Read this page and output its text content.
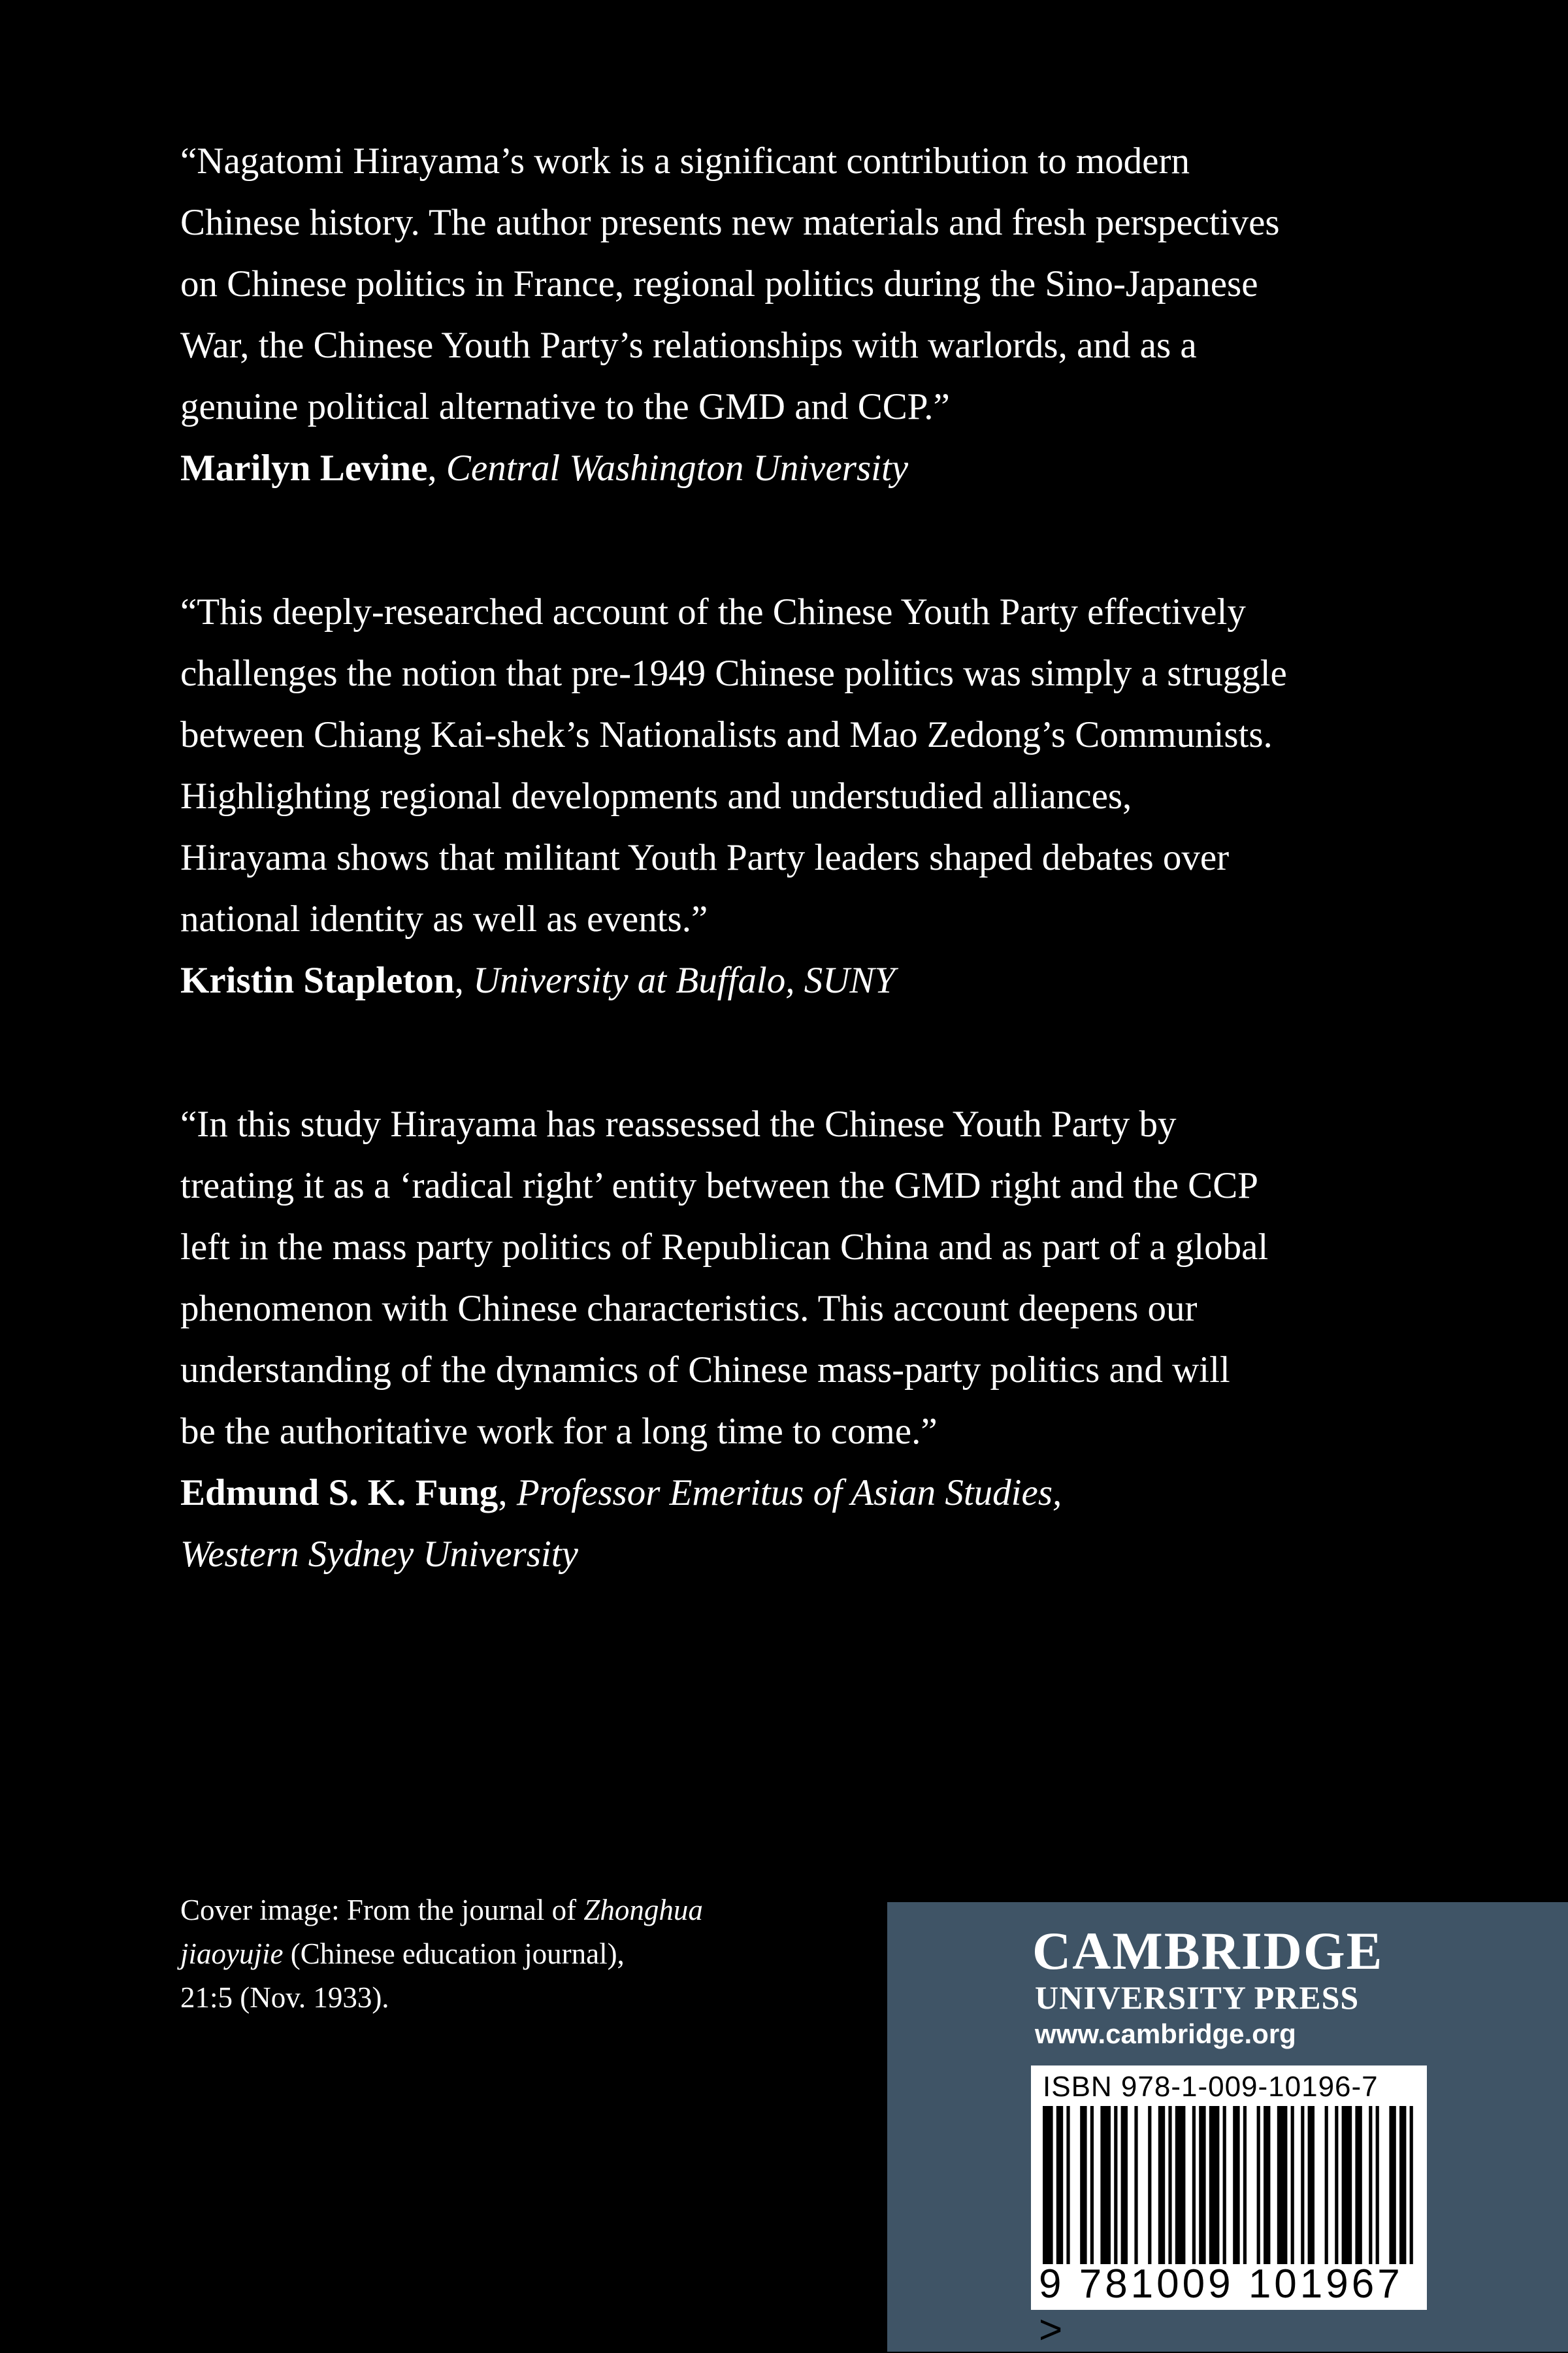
“Nagatomi Hirayama’s work is a significant contribution to modern
Chinese history. The author presents new materials and fresh perspectives
on Chinese politics in France, regional politics during the Sino-Japanese
War, the Chinese Youth Party’s relationships with warlords, and as a
genuine political alternative to the GMD and CCP.”

Marilyn Levine, Central Washington University

“This deeply-researched account of the Chinese Youth Party effectively
challenges the notion that pre-1949 Chinese politics was simply a struggle
between Chiang Kai-shek’s Nationalists and Mao Zedong’s Communists.
Highlighting regional developments and understudied alliances,
Hirayama shows that militant Youth Party leaders shaped debates over
national identity as well as events.”

Kristin Stapleton, University at Buffalo, SUNY

“In this study Hirayama has reassessed the Chinese Youth Party by
treating it as a ‘radical right’ entity between the GMD right and the CCP
left in the mass party politics of Republican China and as part of a global
phenomenon with Chinese characteristics. This account deepens our
understanding of the dynamics of Chinese mass-party politics and will
be the authoritative work for a long time to come.”

Edmund S. K. Fung, Professor Emeritus of Asian Studies,
Western Sydney University

Cover image: From the journal of Zhonghua
jiaoyujie (Chinese education journal),
21:5 (Nov. 1933).
CAMBRIDGE
UNIVERSITY PRESS
www.cambridge.org
ISBN 978-1-009-10196-7
9 781009 101967 >
